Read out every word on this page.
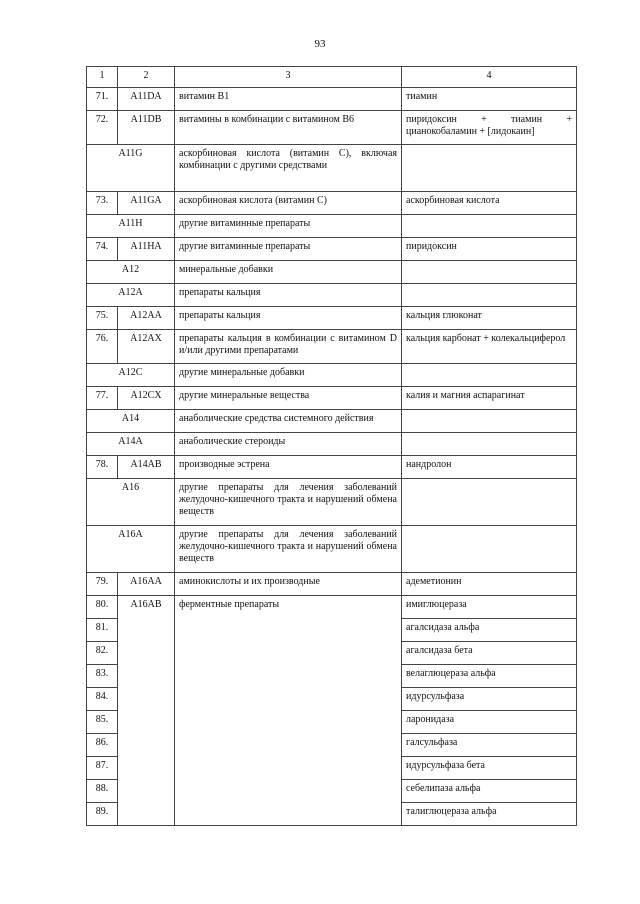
93
1	2	3	4
71.	A11DA	витамин B1	тиамин
72.	A11DB	витамины в комбинации с витамином B6	пиридоксин + тиамин + цианокобаламин + [лидокаин]
A11G		аскорбиновая кислота (витамин C), включая комбинации с другими средствами	
73.	A11GA	аскорбиновая кислота (витамин C)	аскорбиновая кислота
A11H		другие витаминные препараты	
74.	A11HA	другие витаминные препараты	пиридоксин
A12		минеральные добавки	
A12A		препараты кальция	
75.	A12AA	препараты кальция	кальция глюконат
76.	A12AX	препараты кальция в комбинации с витамином D и/или другими препаратами	кальция карбонат + колекальциферол
A12C		другие минеральные добавки	
77.	A12CX	другие минеральные вещества	калия и магния аспарагинат
A14		анаболические средства системного действия	
A14A		анаболические стероиды	
78.	A14AB	производные эстрена	нандролон
A16		другие препараты для лечения заболеваний желудочно-кишечного тракта и нарушений обмена веществ	
A16A		другие препараты для лечения заболеваний желудочно-кишечного тракта и нарушений обмена веществ	
79.	A16AA	аминокислоты и их производные	адеметионин
80.	A16AB	ферментные препараты	имиглюцераза
81.			агалсидаза альфа
82.			агалсидаза бета
83.			велаглюцераза альфа
84.			идурсульфаза
85.			ларонидаза
86.			галсульфаза
87.			идурсульфаза бета
88.			себелипаза альфа
89.			талиглюцераза альфа
